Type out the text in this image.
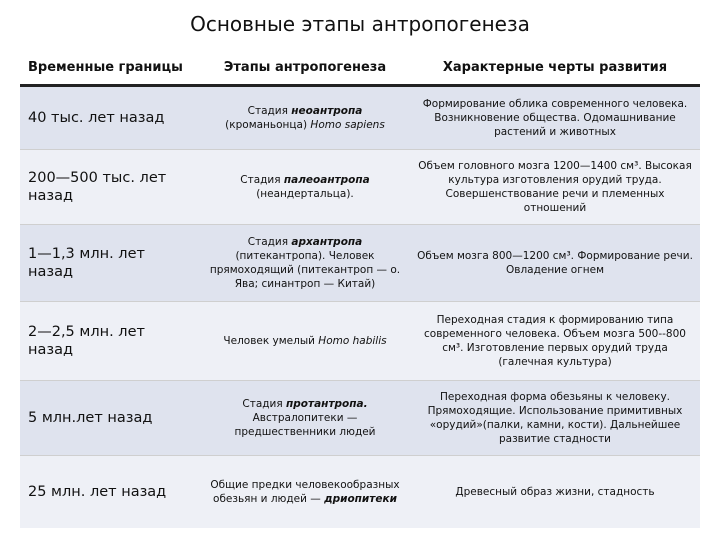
Основные этапы антропогенеза
Временные границы	Этапы антропогенеза	Характерные черты развития
40 тыс. лет назад	Стадия неоантропа (кроманьонца) Homo sapiens	Формирование облика современного человека. Возникновение общества. Одомашнивание растений и животных
200—500 тыс. лет назад	Стадия палеоантропа (неандертальца).	Объем головного мозга 1200—1400 см³. Высокая культура изготовления орудий труда. Совершенствование речи и племенных отношений
1—1,3 млн. лет назад	Стадия архантропа (питекантропа). Человек прямоходящий (питекантроп — о. Ява; синантроп — Китай)	Объем мозга 800—1200 см³. Формирование речи. Овладение огнем
2—2,5 млн. лет назад	Человек умелый Homo habilis	Переходная стадия к формированию типа современного человека. Объем мозга 500--800 см³. Изготовление первых орудий труда (галечная культура)
5 млн.лет назад	Стадия протантропа. Австралопитеки — предшественники людей	Переходная форма обезьяны к человеку. Прямоходящие. Использование примитивных «орудий»(палки, камни, кости). Дальнейшее развитие стадности
25 млн. лет назад	Общие предки человекообразных обезьян и людей — дриопитеки	Древесный образ жизни, стадность
